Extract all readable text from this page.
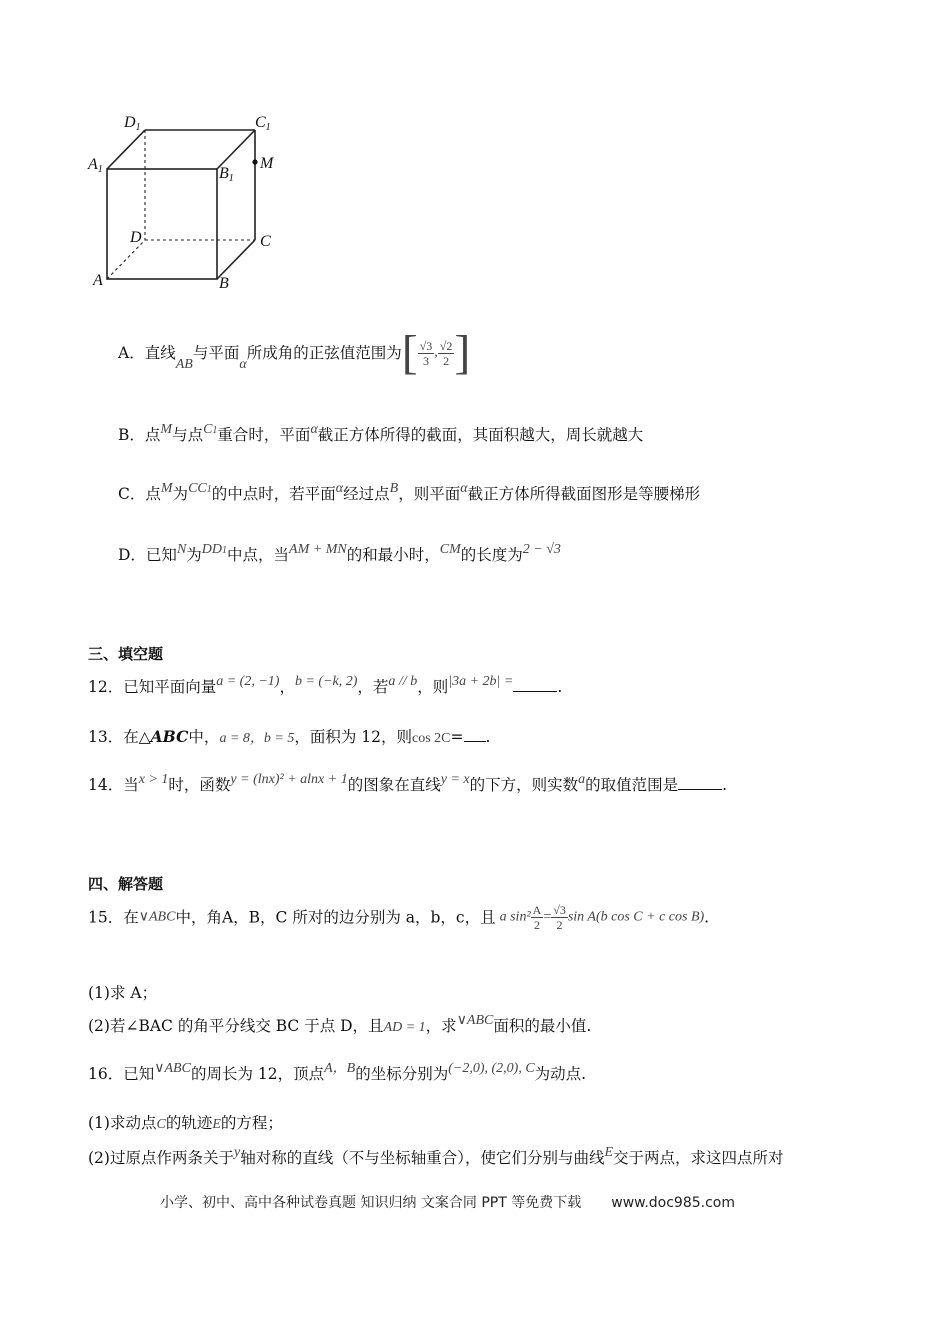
D1	C1
A1	B1
M
D	C
A	B
A．直线AB与平面α所成角的正弦值范围为[ $\frac{√3}{3}$ , $\frac{√2}{2}$ ]
B．点M与点C1重合时，平面α截正方体所得的截面，其面积越大，周长就越大
C．点M为CC1的中点时，若平面α经过点B，则平面α截正方体所得截面图形是等腰梯形
D．已知N为DD1中点，当AM + MN的和最小时，CM的长度为2 − √3
三、填空题
12．已知平面向量a = (2, −1)，b = (−k, 2)，若a // b，则|3a + 2b| =	.
13．在△ABC中，a = 8，b = 5，面积为 12，则cos 2C= .
14．当x > 1时，函数y = (lnx)² + alnx + 1的图象在直线y = x的下方，则实数a的取值范围是	.
四、解答题
15．在∨ABC中，角A，B，C 所对的边分别为 a，b，c，且 a $\sin^2 \frac{A}{2} = \frac{√3}{2}$ sin A(b cos C + c cos B).
(1)求 A；
(2)若∠BAC 的角平分线交 BC 于点 D，且AD = 1，求∨ABC面积的最小值.
16．已知∨ABC的周长为 12，顶点A，B的坐标分别为(−2,0), (2,0), C为动点.
(1)求动点C的轨迹E的方程；
(2)过原点作两条关于y轴对称的直线（不与坐标轴重合），使它们分别与曲线E交于两点，求这四点所对
小学、初中、高中各种试卷真题 知识归纳 文案合同 PPT 等免费下载 www.doc985.com
